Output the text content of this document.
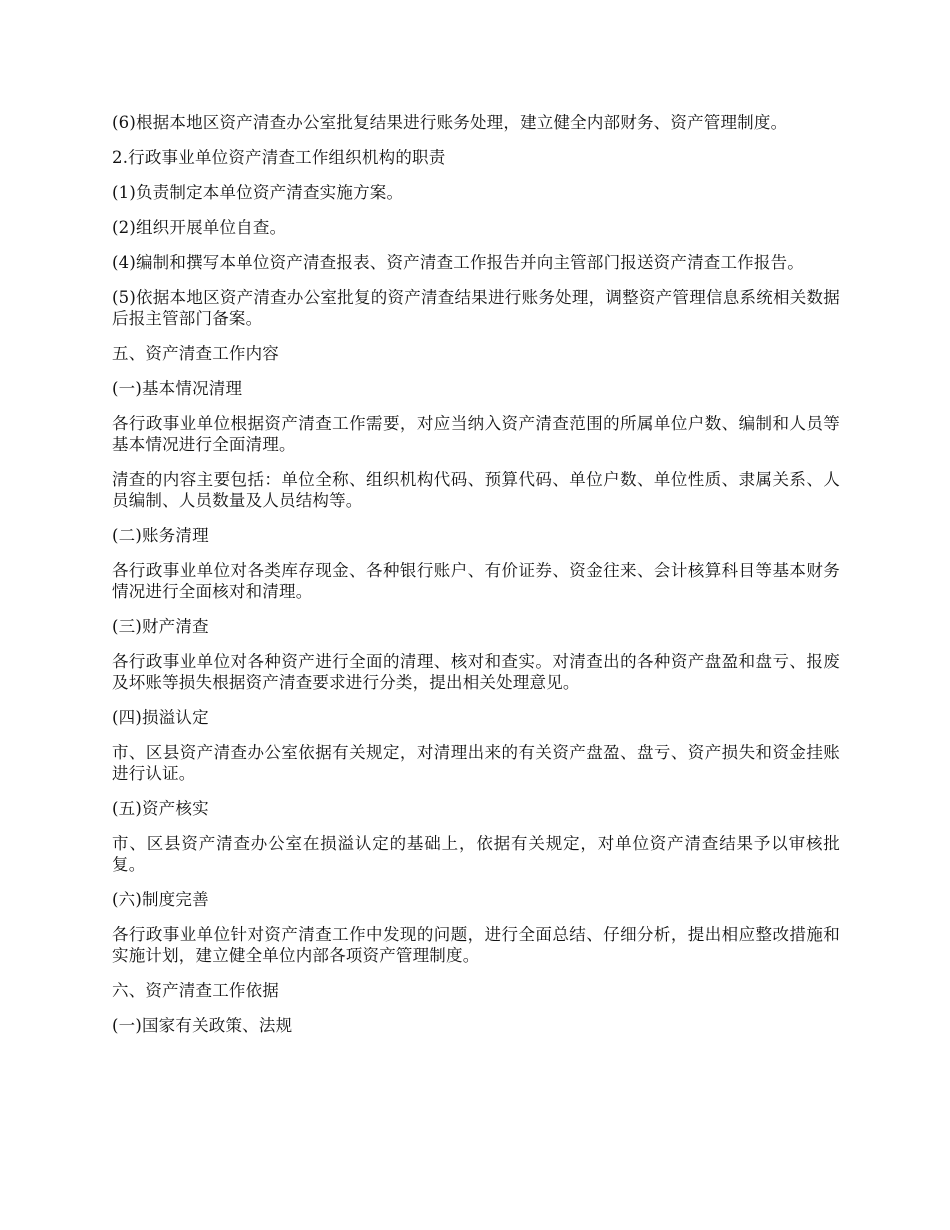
(6)根据本地区资产清查办公室批复结果进行账务处理，建立健全内部财务、资产管理制度。

2.行政事业单位资产清查工作组织机构的职责

(1)负责制定本单位资产清查实施方案。

(2)组织开展单位自查。

(4)编制和撰写本单位资产清查报表、资产清查工作报告并向主管部门报送资产清查工作报告。

(5)依据本地区资产清查办公室批复的资产清查结果进行账务处理，调整资产管理信息系统相关数据后报主管部门备案。

五、资产清查工作内容

(一)基本情况清理

各行政事业单位根据资产清查工作需要，对应当纳入资产清查范围的所属单位户数、编制和人员等基本情况进行全面清理。

清查的内容主要包括：单位全称、组织机构代码、预算代码、单位户数、单位性质、隶属关系、人员编制、人员数量及人员结构等。

(二)账务清理

各行政事业单位对各类库存现金、各种银行账户、有价证券、资金往来、会计核算科目等基本财务情况进行全面核对和清理。

(三)财产清查

各行政事业单位对各种资产进行全面的清理、核对和查实。对清查出的各种资产盘盈和盘亏、报废及坏账等损失根据资产清查要求进行分类，提出相关处理意见。

(四)损溢认定

市、区县资产清查办公室依据有关规定，对清理出来的有关资产盘盈、盘亏、资产损失和资金挂账进行认证。

(五)资产核实

市、区县资产清查办公室在损溢认定的基础上，依据有关规定，对单位资产清查结果予以审核批复。

(六)制度完善

各行政事业单位针对资产清查工作中发现的问题，进行全面总结、仔细分析，提出相应整改措施和实施计划，建立健全单位内部各项资产管理制度。

六、资产清查工作依据

(一)国家有关政策、法规
